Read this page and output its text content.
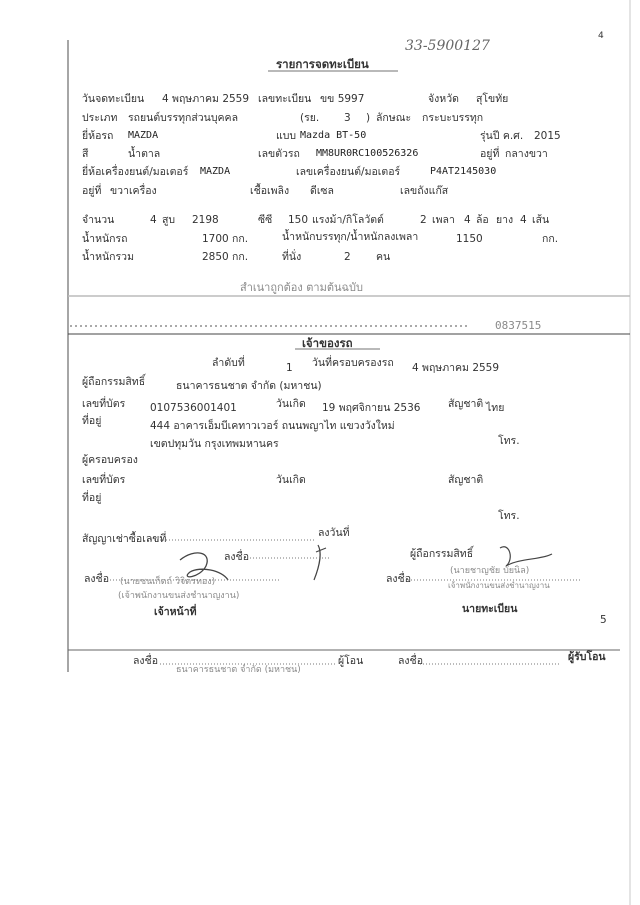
4
33-5900127
รายการจดทะเบียน
วันจดทะเบียน 4 พฤษภาคม 2559 เลขทะเบียน ขข 5997	จังหวัด สุโขทัย
ประเภท รถยนต์บรรทุกส่วนบุคคล	(รย. 3 ) ลักษณะ กระบะบรรทุก
ยี่ห้อรถ MAZDA	แบบ Mazda BT-50	รุ่นปี ค.ศ. 2015
สี	น้ำตาล	เลขตัวรถ MM8UR0RC100526326	อยู่ที่ กลางขวา
ยี่ห้อเครื่องยนต์/มอเตอร์ MAZDA	เลขเครื่องยนต์/มอเตอร์	P4AT2145030
อยู่ที่ ขวาเครื่อง	เชื้อเพลิง ดีเซล	เลขถังแก๊ส
จำนวน	4 สูบ 2198	ซีซี 150 แรงม้า/กิโลวัตต์	2 เพลา 4 ล้อ ยาง 4 เส้น
น้ำหนักรถ	1700 กก.	น้ำหนักบรรทุก/น้ำหนักลงเพลา	1150	กก.
น้ำหนักรวม	2850 กก.	ที่นั่ง	2 คน
สำเนาถูกต้อง ตามต้นฉบับ
0837515
เจ้าของรถ
ลำดับที่	1 วันที่ครอบครองรถ 4 พฤษภาคม 2559
ผู้ถือกรรมสิทธิ์	ธนาคารธนชาต จำกัด (มหาชน)
เลขที่บัตร 0107536001401	วันเกิด 19 พฤศจิกายน 2536	สัญชาติ ไทย
ที่อยู่	444 อาคารเอ็มบีเคทาวเวอร์ ถนนพญาไท แขวงวังใหม่
เขตปทุมวัน กรุงเทพมหานคร	โทร.
ผู้ครอบครอง
เลขที่บัตร	วันเกิด	สัญชาติ
ที่อยู่
โทร.
สัญญาเช่าซื้อเลขที่	ลงวันที่
ลงชื่อ	ผู้ถือกรรมสิทธิ์
ลงชื่อ (นายชนเก็ตถ์ วิจิตรทอง)
(เจ้าพนักงานขนส่งชำนาญงาน)
เจ้าหน้าที่
ลงชื่อ
(นายชาญชัย บัยนิล)
เจ้าพนักงานขนส่งชำนาญงาน
นายทะเบียน
5
ลงชื่อ
ธนาคารธนชาต จำกัด (มหาชน)
ผู้โอน	ลงชื่อ	ผู้รับโอน
